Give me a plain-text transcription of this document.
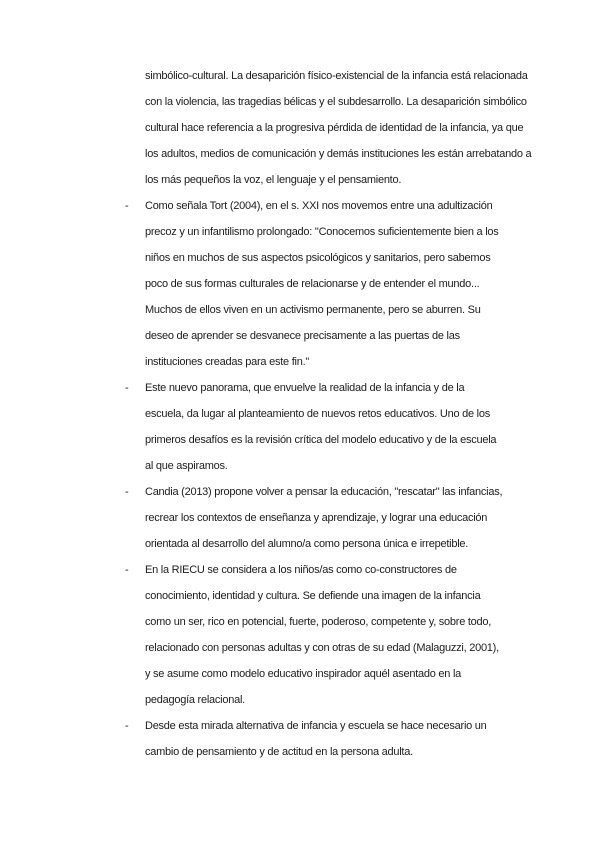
simbólico-cultural. La desaparición físico-existencial de la infancia está relacionada
con la violencia, las tragedias bélicas y el subdesarrollo. La desaparición simbólico
cultural hace referencia a la progresiva pérdida de identidad de la infancia, ya que
los adultos, medios de comunicación y demás instituciones les están arrebatando a
los más pequeños la voz, el lenguaje y el pensamiento.
- Como señala Tort (2004), en el s. XXI nos movemos entre una adultización
precoz y un infantilismo prolongado: "Conocemos suficientemente bien a los
niños en muchos de sus aspectos psicológicos y sanitarios, pero sabemos
poco de sus formas culturales de relacionarse y de entender el mundo...
Muchos de ellos viven en un activismo permanente, pero se aburren. Su
deseo de aprender se desvanece precisamente a las puertas de las
instituciones creadas para este fin."
- Este nuevo panorama, que envuelve la realidad de la infancia y de la
escuela, da lugar al planteamiento de nuevos retos educativos. Uno de los
primeros desafíos es la revisión crítica del modelo educativo y de la escuela
al que aspiramos.
- Candia (2013) propone volver a pensar la educación, "rescatar" las infancias,
recrear los contextos de enseñanza y aprendizaje, y lograr una educación
orientada al desarrollo del alumno/a como persona única e irrepetible.
- En la RIECU se considera a los niños/as como co-constructores de
conocimiento, identidad y cultura. Se defiende una imagen de la infancia
como un ser, rico en potencial, fuerte, poderoso, competente y, sobre todo,
relacionado con personas adultas y con otras de su edad (Malaguzzi, 2001),
y se asume como modelo educativo inspirador aquél asentado en la
pedagogía relacional.
- Desde esta mirada alternativa de infancia y escuela se hace necesario un
cambio de pensamiento y de actitud en la persona adulta.
